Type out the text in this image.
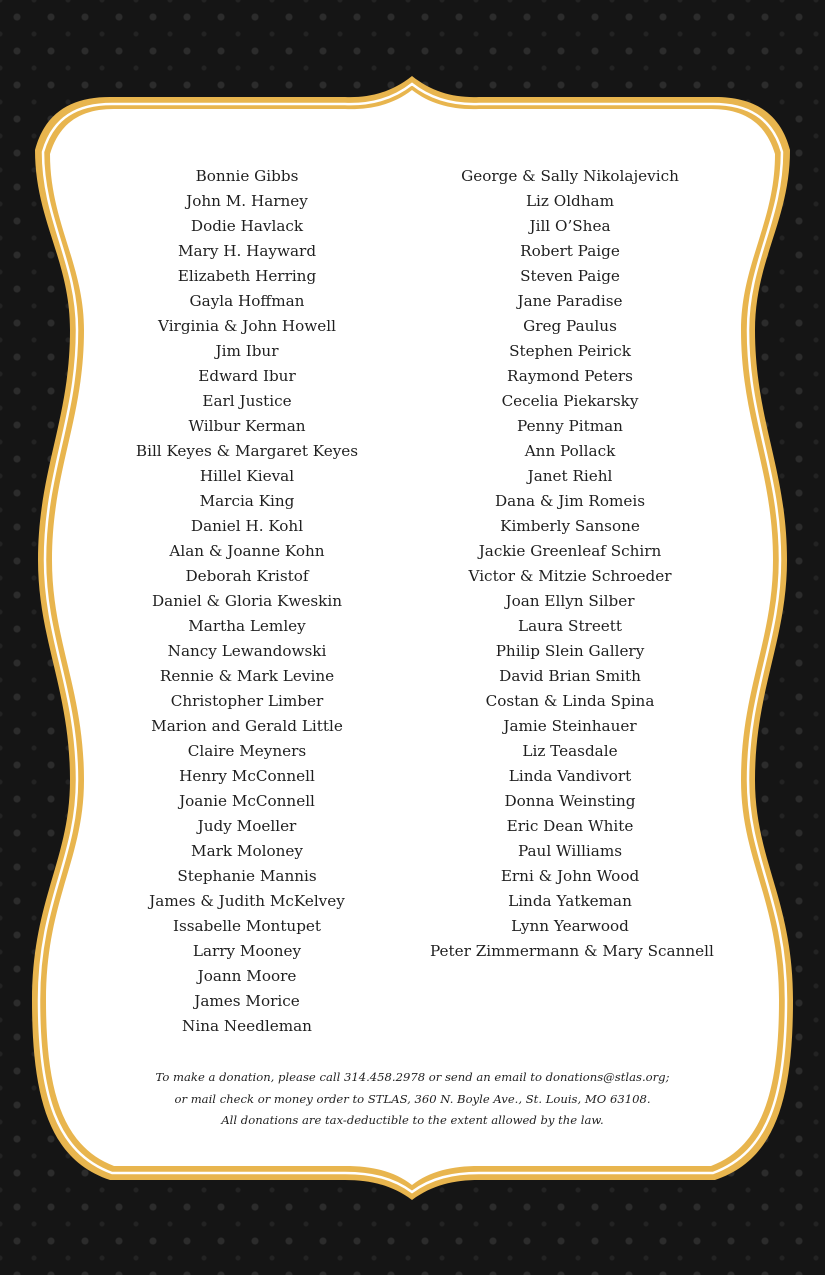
Bonnie Gibbs
John M. Harney
Dodie Havlack
Mary H. Hayward
Elizabeth Herring
Gayla Hoffman
Virginia & John Howell
Jim Ibur
Edward Ibur
Earl Justice
Wilbur Kerman
Bill Keyes & Margaret Keyes
Hillel Kieval
Marcia King
Daniel H. Kohl
Alan & Joanne Kohn
Deborah Kristof
Daniel & Gloria Kweskin
Martha Lemley
Nancy Lewandowski
Rennie & Mark Levine
Christopher Limber
Marion and Gerald Little
Claire Meyners
Henry McConnell
Joanie McConnell
Judy Moeller
Mark Moloney
Stephanie Mannis
James & Judith McKelvey
Issabelle Montupet
Larry Mooney
Joann Moore
James Morice
Nina Needleman
George & Sally Nikolajevich
Liz Oldham
Jill O’Shea
Robert Paige
Steven Paige
Jane Paradise
Greg Paulus
Stephen Peirick
Raymond Peters
Cecelia Piekarsky
Penny Pitman
Ann Pollack
Janet Riehl
Dana & Jim Romeis
Kimberly Sansone
Jackie Greenleaf Schirn
Victor & Mitzie Schroeder
Joan Ellyn Silber
Laura Streett
Philip Slein Gallery
David Brian Smith
Costan & Linda Spina
Jamie Steinhauer
Liz Teasdale
Linda Vandivort
Donna Weinsting
Eric Dean White
Paul Williams
Erni & John Wood
Linda Yatkeman
Lynn Yearwood
Peter Zimmermann & Mary Scannell
To make a donation, please call 314.458.2978 or send an email to donations@stlas.org;
or mail check or money order to STLAS, 360 N. Boyle Ave., St. Louis, MO 63108.
All donations are tax-deductible to the extent allowed by the law.
